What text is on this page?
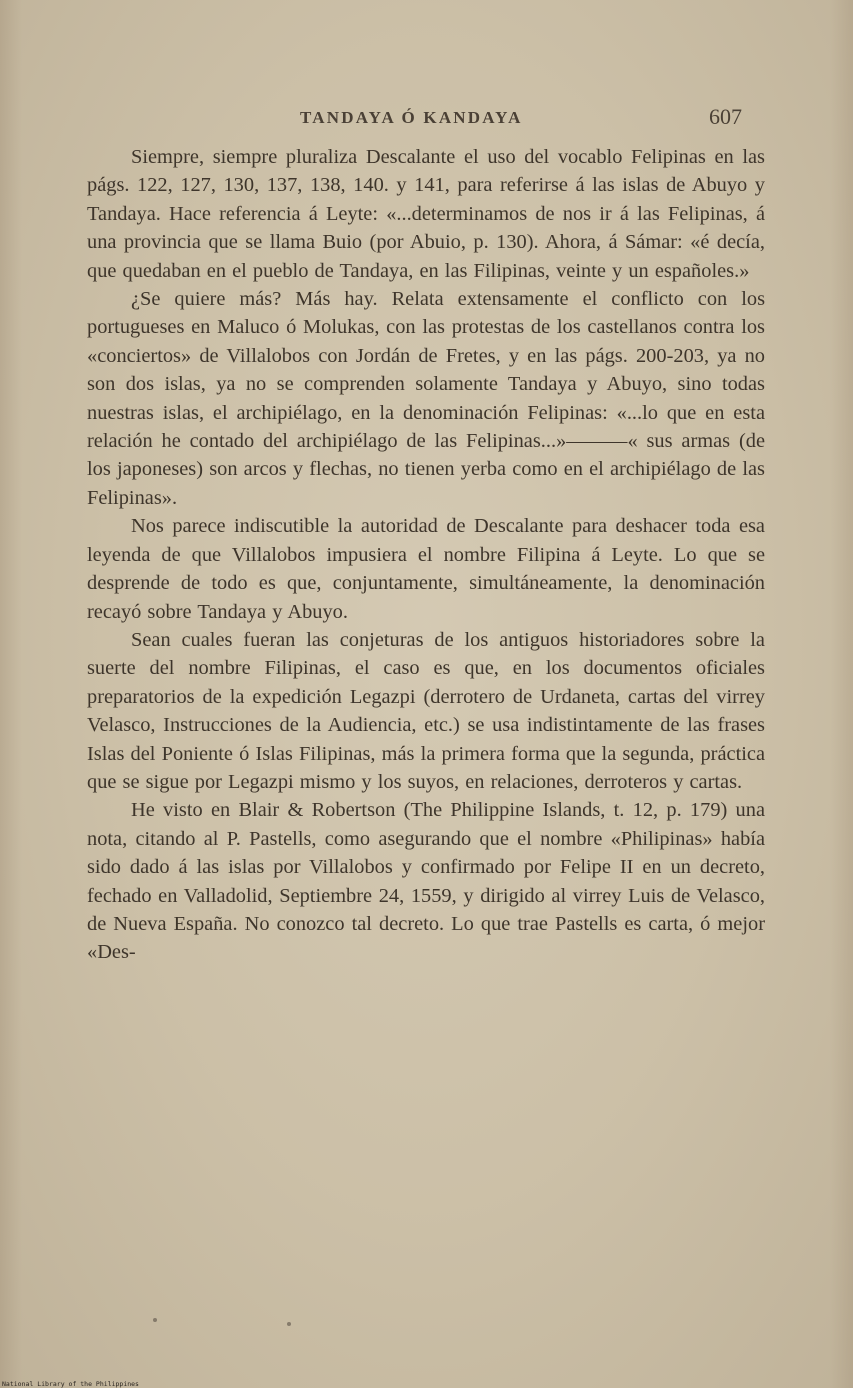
TANDAYA Ó KANDAYA	607

Siempre, siempre pluraliza Descalante el uso del vocablo Felipinas en las págs. 122, 127, 130, 137, 138, 140. y 141, para referirse á las islas de Abuyo y Tandaya. Hace referencia á Leyte: «...determinamos de nos ir á las Felipinas, á una provincia que se llama Buio (por Abuio, p. 130). Ahora, á Sámar: «é decía, que quedaban en el pueblo de Tandaya, en las Filipinas, veinte y un españoles.»

¿Se quiere más? Más hay. Relata extensamente el conflicto con los portugueses en Maluco ó Molukas, con las protestas de los castellanos contra los «conciertos» de Villalobos con Jordán de Fretes, y en las págs. 200-203, ya no son dos islas, ya no se comprenden solamente Tandaya y Abuyo, sino todas nuestras islas, el archipiélago, en la denominación Felipinas: «...lo que en esta relación he contado del archipiélago de las Felipinas...»———« sus armas (de los japoneses) son arcos y flechas, no tienen yerba como en el archipiélago de las Felipinas».

Nos parece indiscutible la autoridad de Descalante para deshacer toda esa leyenda de que Villalobos impusiera el nombre Filipina á Leyte. Lo que se desprende de todo es que, conjuntamente, simultáneamente, la denominación recayó sobre Tandaya y Abuyo.

Sean cuales fueran las conjeturas de los antiguos historiadores sobre la suerte del nombre Filipinas, el caso es que, en los documentos oficiales preparatorios de la expedición Legazpi (derrotero de Urdaneta, cartas del virrey Velasco, Instrucciones de la Audiencia, etc.) se usa indistintamente de las frases Islas del Poniente ó Islas Filipinas, más la primera forma que la segunda, práctica que se sigue por Legazpi mismo y los suyos, en relaciones, derroteros y cartas.

He visto en Blair & Robertson (The Philippine Islands, t. 12, p. 179) una nota, citando al P. Pastells, como asegurando que el nombre «Philipinas» había sido dado á las islas por Villalobos y confirmado por Felipe II en un decreto, fechado en Valladolid, Septiembre 24, 1559, y dirigido al virrey Luis de Velasco, de Nueva España. No conozco tal decreto. Lo que trae Pastells es carta, ó mejor «Des-

National Library of the Philippines
